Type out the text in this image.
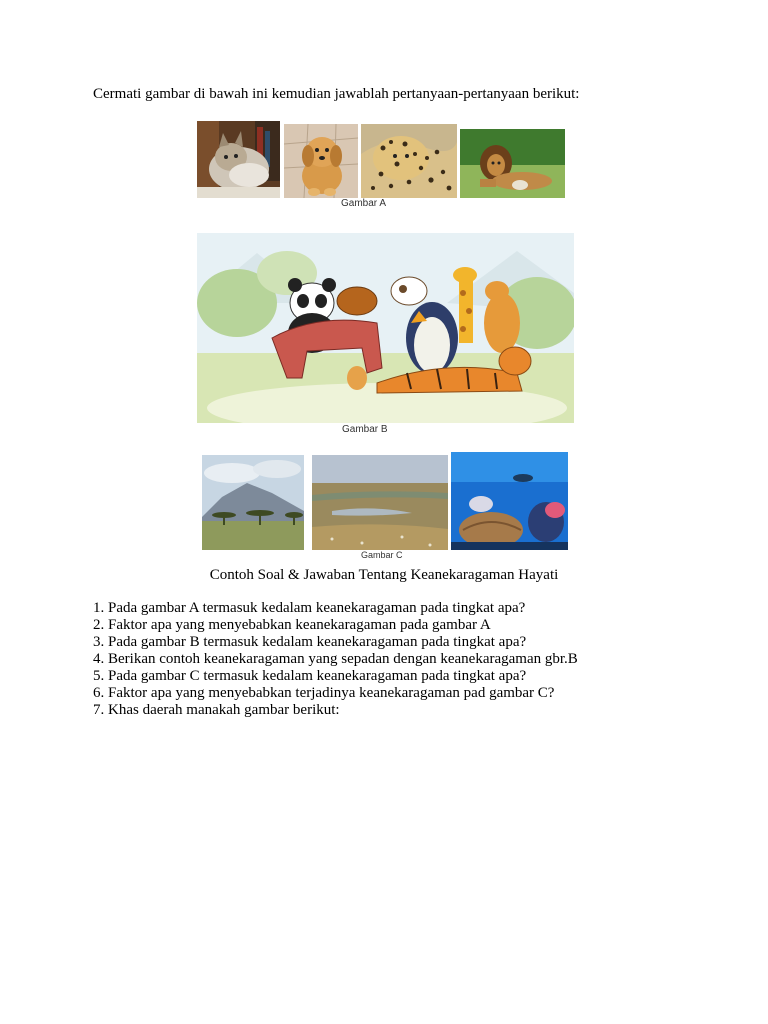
Cermati gambar di bawah ini kemudian jawablah pertanyaan-pertanyaan berikut:
Gambar A
Gambar B
Gambar C
Contoh Soal & Jawaban Tentang Keanekaragaman Hayati
1. Pada gambar A termasuk kedalam keanekaragaman pada tingkat apa?
2. Faktor apa yang menyebabkan keanekaragaman pada gambar A
3. Pada gambar B termasuk kedalam keanekaragaman pada tingkat apa?
4. Berikan contoh keanekaragaman yang sepadan dengan keanekaragaman gbr.B
5. Pada gambar C termasuk kedalam keanekaragaman pada tingkat apa?
6. Faktor apa yang menyebabkan terjadinya keanekaragaman pad gambar C?
7. Khas daerah manakah gambar berikut:
